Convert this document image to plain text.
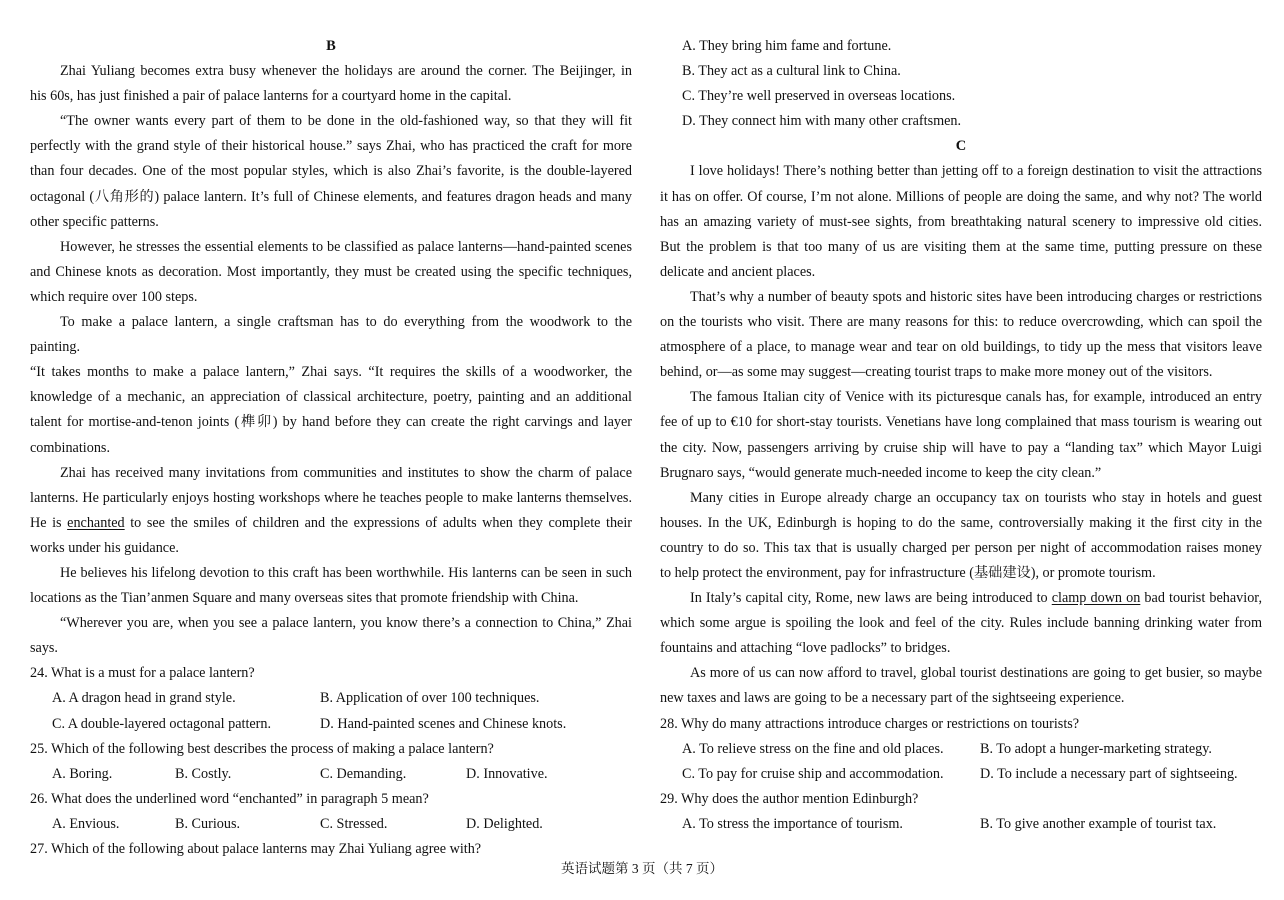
B

Zhai Yuliang becomes extra busy whenever the holidays are around the corner. The Beijinger, in

his 60s, has just finished a pair of palace lanterns for a courtyard home in the capital.

“The owner wants every part of them to be done in the old-fashioned way, so that they will fit

perfectly with the grand style of their historical house.” says Zhai, who has practiced the craft for more

than four decades. One of the most popular styles, which is also Zhai’s favorite, is the double-layered

octagonal (八角形的) palace lantern. It’s full of Chinese elements, and features dragon heads and many

other specific patterns.

However, he stresses the essential elements to be classified as palace lanterns—hand-painted scenes

and Chinese knots as decoration. Most importantly, they must be created using the specific techniques,

which require over 100 steps.

To make a palace lantern, a single craftsman has to do everything from the woodwork to the painting.

“It takes months to make a palace lantern,” Zhai says. “It requires the skills of a woodworker, the

knowledge of a mechanic, an appreciation of classical architecture, poetry, painting and an additional

talent for mortise-and-tenon joints (榫卯) by hand before they can create the right carvings and layer

combinations.

Zhai has received many invitations from communities and institutes to show the charm of palace

lanterns. He particularly enjoys hosting workshops where he teaches people to make lanterns themselves.

He is enchanted to see the smiles of children and the expressions of adults when they complete their

works under his guidance.

He believes his lifelong devotion to this craft has been worthwhile. His lanterns can be seen in such

locations as the Tian’anmen Square and many overseas sites that promote friendship with China.

“Wherever you are, when you see a palace lantern, you know there’s a connection to China,” Zhai

says.

24. What is a must for a palace lantern?

A. A dragon head in grand style.	B. Application of over 100 techniques.
C. A double-layered octagonal pattern.	D. Hand-painted scenes and Chinese knots.

25. Which of the following best describes the process of making a palace lantern?

A. Boring.	B. Costly.	C. Demanding.	D. Innovative.

26. What does the underlined word “enchanted” in paragraph 5 mean?

A. Envious.	B. Curious.	C. Stressed.	D. Delighted.

27. Which of the following about palace lanterns may Zhai Yuliang agree with?

A. They bring him fame and fortune.

B. They act as a cultural link to China.

C. They’re well preserved in overseas locations.

D. They connect him with many other craftsmen.

C

I love holidays! There’s nothing better than jetting off to a foreign destination to visit the attractions

it has on offer. Of course, I’m not alone. Millions of people are doing the same, and why not? The world

has an amazing variety of must-see sights, from breathtaking natural scenery to impressive old cities.

But the problem is that too many of us are visiting them at the same time, putting pressure on these

delicate and ancient places.

That’s why a number of beauty spots and historic sites have been introducing charges or restrictions

on the tourists who visit. There are many reasons for this: to reduce overcrowding, which can spoil the

atmosphere of a place, to manage wear and tear on old buildings, to tidy up the mess that visitors leave

behind, or—as some may suggest—creating tourist traps to make more money out of the visitors.

The famous Italian city of Venice with its picturesque canals has, for example, introduced an entry

fee of up to €10 for short-stay tourists. Venetians have long complained that mass tourism is wearing out

the city. Now, passengers arriving by cruise ship will have to pay a “landing tax” which Mayor Luigi

Brugnaro says, “would generate much-needed income to keep the city clean.”

Many cities in Europe already charge an occupancy tax on tourists who stay in hotels and guest

houses. In the UK, Edinburgh is hoping to do the same, controversially making it the first city in the

country to do so. This tax that is usually charged per person per night of accommodation raises money

to help protect the environment, pay for infrastructure (基础建设), or promote tourism.

In Italy’s capital city, Rome, new laws are being introduced to clamp down on bad tourist behavior,

which some argue is spoiling the look and feel of the city. Rules include banning drinking water from

fountains and attaching “love padlocks” to bridges.

As more of us can now afford to travel, global tourist destinations are going to get busier, so maybe

new taxes and laws are going to be a necessary part of the sightseeing experience.

28. Why do many attractions introduce charges or restrictions on tourists?

A. To relieve stress on the fine and old places.	B. To adopt a hunger-marketing strategy.
C. To pay for cruise ship and accommodation.	D. To include a necessary part of sightseeing.

29. Why does the author mention Edinburgh?

A. To stress the importance of tourism.	B. To give another example of tourist tax.
英语试题第 3 页（共 7 页）
